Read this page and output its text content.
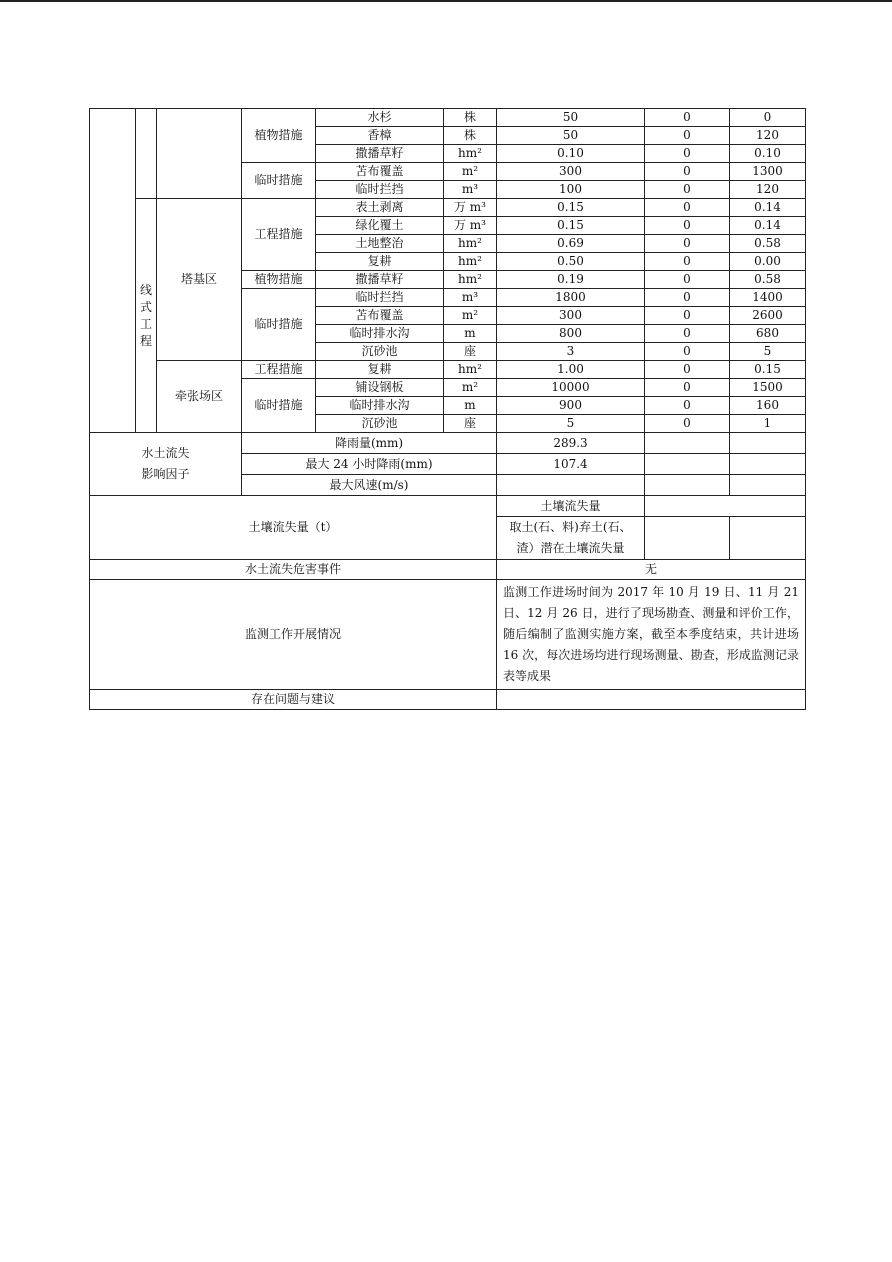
			植物措施	水杉	株	50	0	0
				香樟	株	50	0	120
				撒播草籽	hm²	0.10	0	0.10
			临时措施	苫布覆盖	m²	300	0	1300
				临时拦挡	m³	100	0	120

	线式工程	塔基区	工程措施	表土剥离	万 m³	0.15	0	0.14
				绿化覆土	万 m³	0.15	0	0.14
				土地整治	hm²	0.69	0	0.58
				复耕	hm²	0.50	0	0.00
			植物措施	撒播草籽	hm²	0.19	0	0.58
			临时措施	临时拦挡	m³	1800	0	1400
				苫布覆盖	m²	300	0	2600
				临时排水沟	m	800	0	680
				沉砂池	座	3	0	5
		牵张场区	工程措施	复耕	hm²	1.00	0	0.15
			临时措施	铺设钢板	m²	10000	0	1500
				临时排水沟	m	900	0	160
				沉砂池	座	5	0	1

水土流失
影响因子			降雨量(mm)			289.3		
			最大 24 小时降雨(mm)			107.4		
			最大风速(m/s)					
土壤流失量（t）						土壤流失量		

						取土(石、料)弃土(石、
渣）潜在土壤流失量		

水土流失危害事件						无		
监测工作开展情况						监测工作进场时间为 2017 年 10 月 19 日、11 月 21 日、12 月 26 日，进行了现场勘查、测量和评价工作，随后编制了监测实施方案，截至本季度结束，共计进场 16 次，每次进场均进行现场测量、勘查，形成监测记录表等成果		
存在问题与建议								
